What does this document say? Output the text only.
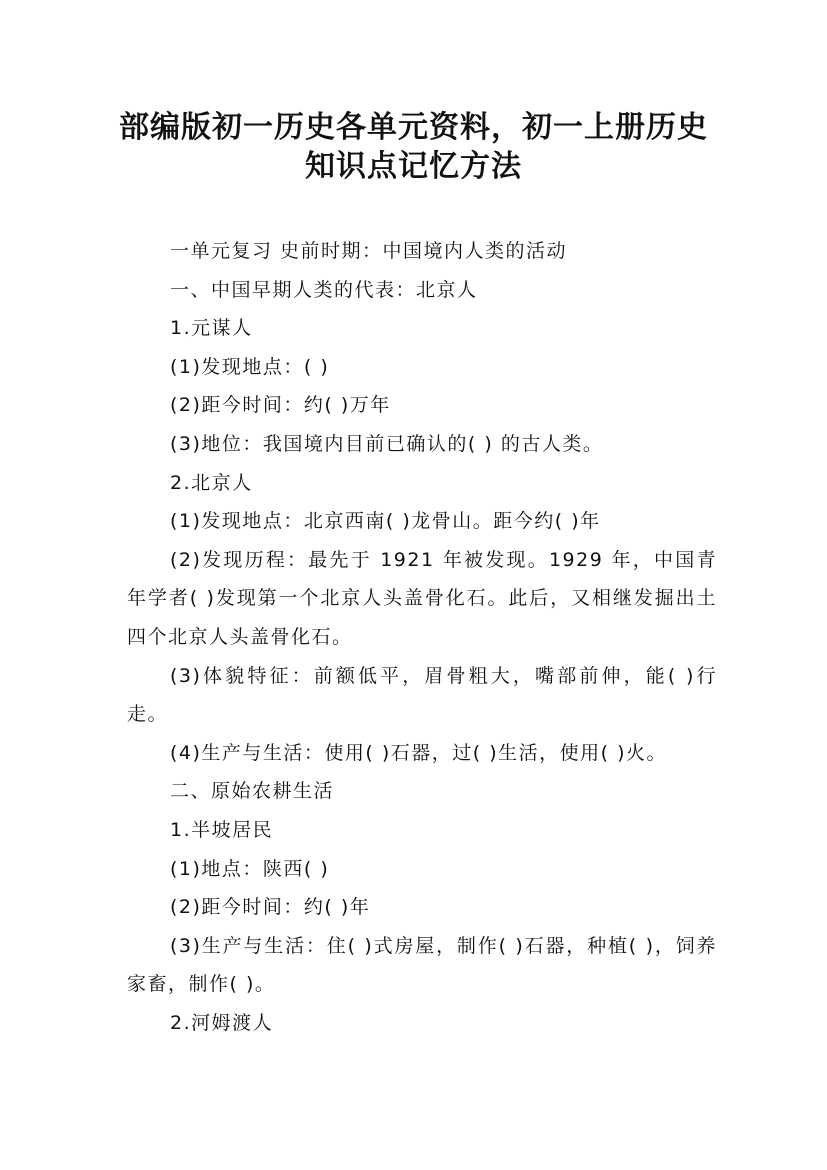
部编版初一历史各单元资料，初一上册历史
知识点记忆方法

一单元复习 史前时期：中国境内人类的活动

一、中国早期人类的代表：北京人

1.元谋人

(1)发现地点：( )

(2)距今时间：约( )万年

(3)地位：我国境内目前已确认的( ) 的古人类。

2.北京人

(1)发现地点：北京西南( )龙骨山。距今约( )年

(2)发现历程：最先于 1921 年被发现。1929 年，中国青年学者( )发现第一个北京人头盖骨化石。此后，又相继发掘出土四个北京人头盖骨化石。

(3)体貌特征：前额低平，眉骨粗大，嘴部前伸，能( )行走。

(4)生产与生活：使用( )石器，过( )生活，使用( )火。

二、原始农耕生活

1.半坡居民

(1)地点：陕西( )

(2)距今时间：约( )年

(3)生产与生活：住( )式房屋，制作( )石器，种植( )，饲养家畜，制作( )。

2.河姆渡人
